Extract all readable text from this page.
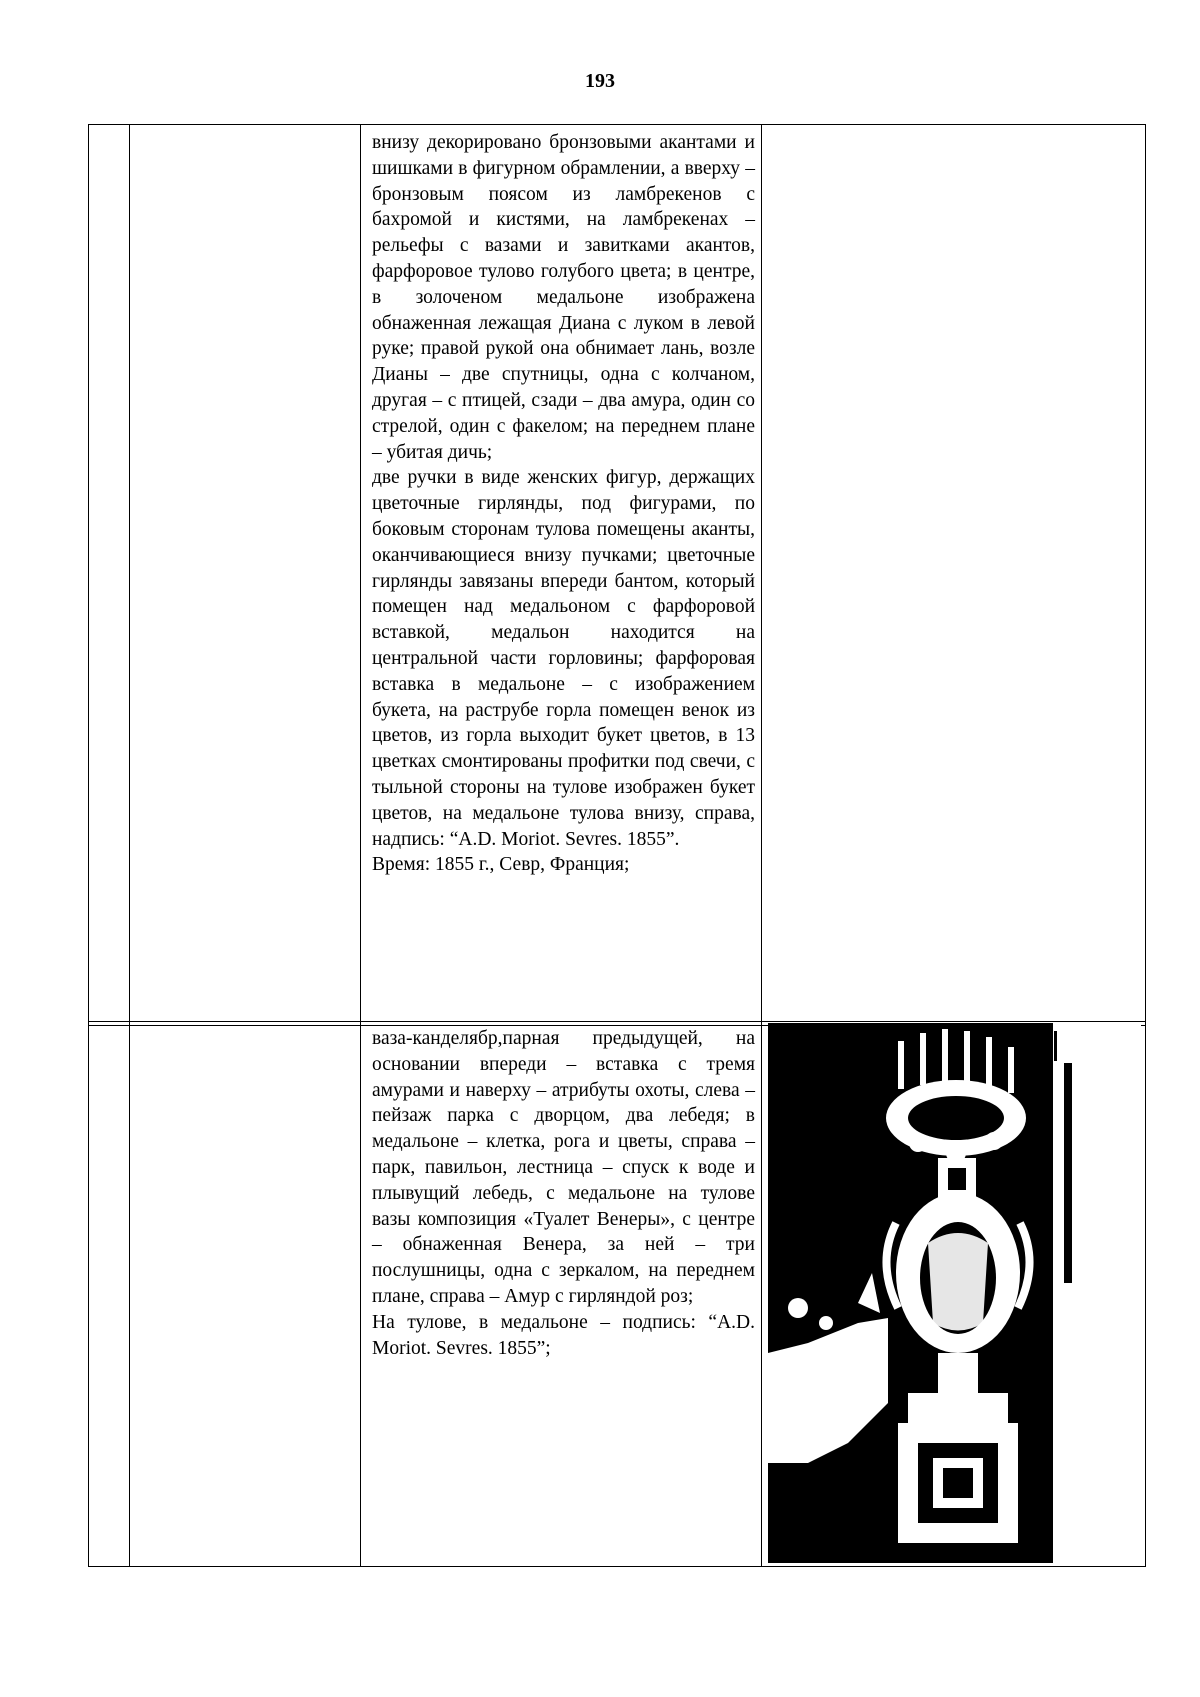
193

внизу декорировано бронзовыми акантами и шишками в фигурном обрамлении, а вверху – бронзовым поясом из ламбрекенов с бахромой и кистями, на ламбрекенах – рельефы с вазами и завитками акантов, фарфоровое тулово голубого цвета; в центре, в золоченом медальоне изображена обнаженная лежащая Диана с луком в левой руке; правой рукой она обнимает лань, возле Дианы – две спутницы, одна с колчаном, другая – с птицей, сзади – два амура, один со стрелой, один с факелом; на переднем плане – убитая дичь;

две ручки в виде женских фигур, держащих цветочные гирлянды, под фигурами, по боковым сторонам тулова помещены аканты, оканчивающиеся внизу пучками; цветочные гирлянды завязаны впереди бантом, который помещен над медальоном с фарфоровой вставкой, медальон находится на центральной части горловины; фарфоровая вставка в медальоне – с изображением букета, на раструбе горла помещен венок из цветов, из горла выходит букет цветов, в 13 цветках смонтированы профитки под свечи, с тыльной стороны на тулове изображен букет цветов, на медальоне тулова внизу, справа, надпись: “A.D. Moriot. Sevres. 1855”.

Время: 1855 г., Севр, Франция;

ваза-канделябр,парная предыдущей, на основании впереди – вставка с тремя амурами и наверху – атрибуты охоты, слева – пейзаж парка с дворцом, два лебедя; в медальоне – клетка, рога и цветы, справа – парк, павильон, лестница – спуск к воде и плывущий лебедь, с медальоне на тулове вазы композиция «Туалет Венеры», с центре – обнаженная Венера, за ней – три послушницы, одна с зеркалом, на переднем плане, справа – Амур с гирляндой роз;

На тулове, в медальоне – подпись: “A.D. Moriot. Sevres. 1855”;
